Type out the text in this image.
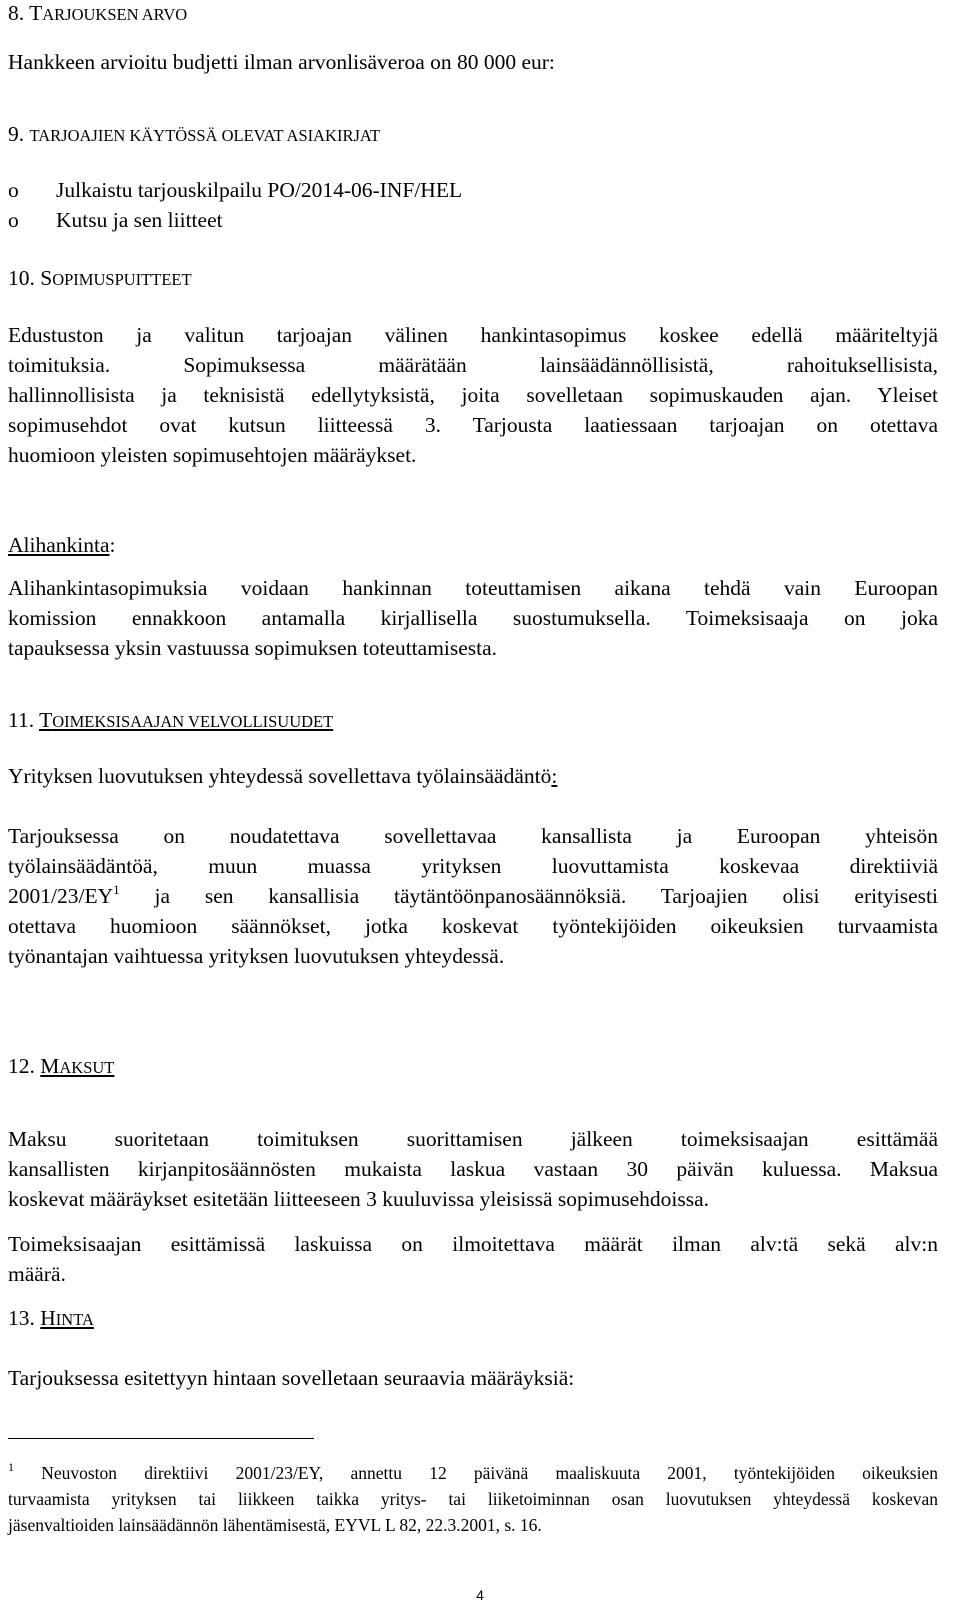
8. TARJOUKSEN ARVO

Hankkeen arvioitu budjetti ilman arvonlisäveroa on 80 000 eur:

9. TARJOAJIEN KÄYTÖSSÄ OLEVAT ASIAKIRJAT
o	Julkaistu tarjouskilpailu PO/2014-06-INF/HEL
o	Kutsu ja sen liitteet
10. SOPIMUSPUITTEET

Edustuston ja valitun tarjoajan välinen hankintasopimus koskee edellä määriteltyjä

toimituksia. Sopimuksessa määrätään lainsäädännöllisistä, rahoituksellisista,

hallinnollisista ja teknisistä edellytyksistä, joita sovelletaan sopimuskauden ajan. Yleiset

sopimusehdot ovat kutsun liitteessä 3. Tarjousta laatiessaan tarjoajan on otettava

huomioon yleisten sopimusehtojen määräykset.

Alihankinta:

Alihankintasopimuksia voidaan hankinnan toteuttamisen aikana tehdä vain Euroopan

komission ennakkoon antamalla kirjallisella suostumuksella. Toimeksisaaja on joka

tapauksessa yksin vastuussa sopimuksen toteuttamisesta.

11. TOIMEKSISAAJAN VELVOLLISUUDET

Yrityksen luovutuksen yhteydessä sovellettava työlainsäädäntö:

Tarjouksessa on noudatettava sovellettavaa kansallista ja Euroopan yhteisön

työlainsäädäntöä, muun muassa yrityksen luovuttamista koskevaa direktiiviä

$2001/23/EY^1$ ja sen kansallisia täytäntöönpanosäännöksiä. Tarjoajien olisi erityisesti

otettava huomioon säännökset, jotka koskevat työntekijöiden oikeuksien turvaamista

työnantajan vaihtuessa yrityksen luovutuksen yhteydessä.

12. MAKSUT

Maksu suoritetaan toimituksen suorittamisen jälkeen toimeksisaajan esittämää

kansallisten kirjanpitosäännösten mukaista laskua vastaan 30 päivän kuluessa. Maksua

koskevat määräykset esitetään liitteeseen 3 kuuluvissa yleisissä sopimusehdoissa.

Toimeksisaajan esittämissä laskuissa on ilmoitettava määrät ilman alv:tä sekä alv:n

määrä.

13. HINTA

Tarjouksessa esitettyyn hintaan sovelletaan seuraavia määräyksiä:

$^1$ Neuvoston direktiivi 2001/23/EY, annettu 12 päivänä maaliskuuta 2001, työntekijöiden oikeuksien

turvaamista yrityksen tai liikkeen taikka yritys- tai liiketoiminnan osan luovutuksen yhteydessä koskevan

jäsenvaltioiden lainsäädännön lähentämisestä, EYVL L 82, 22.3.2001, s. 16.

4
